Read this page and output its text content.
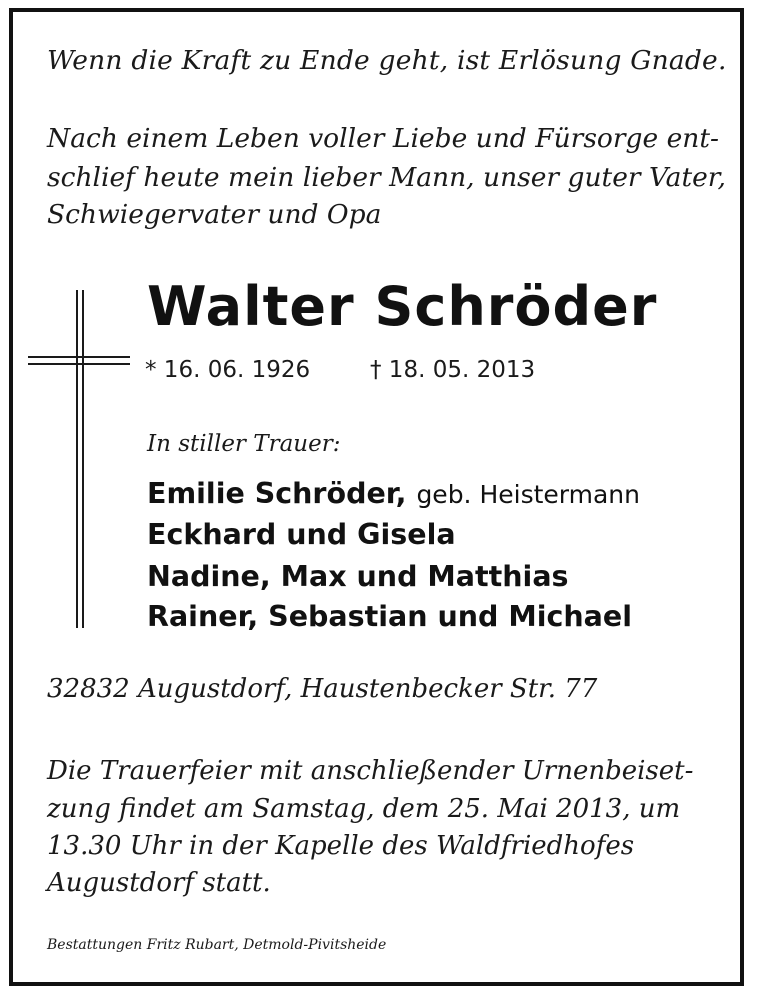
Wenn die Kraft zu Ende geht, ist Erlösung Gnade.

Nach einem Leben voller Liebe und Fürsorge ent-

schlief heute mein lieber Mann, unser guter Vater,

Schwiegervater und Opa

Walter Schröder

* 16. 06. 1926	† 18. 05. 2013

In stiller Trauer:

Emilie Schröder, geb. Heistermann

Eckhard und Gisela

Nadine, Max und Matthias

Rainer, Sebastian und Michael

32832 Augustdorf, Haustenbecker Str. 77

Die Trauerfeier mit anschließender Urnenbeiset-

zung findet am Samstag, dem 25. Mai 2013, um

13.30 Uhr in der Kapelle des Waldfriedhofes

Augustdorf statt.

Bestattungen Fritz Rubart, Detmold-Pivitsheide
